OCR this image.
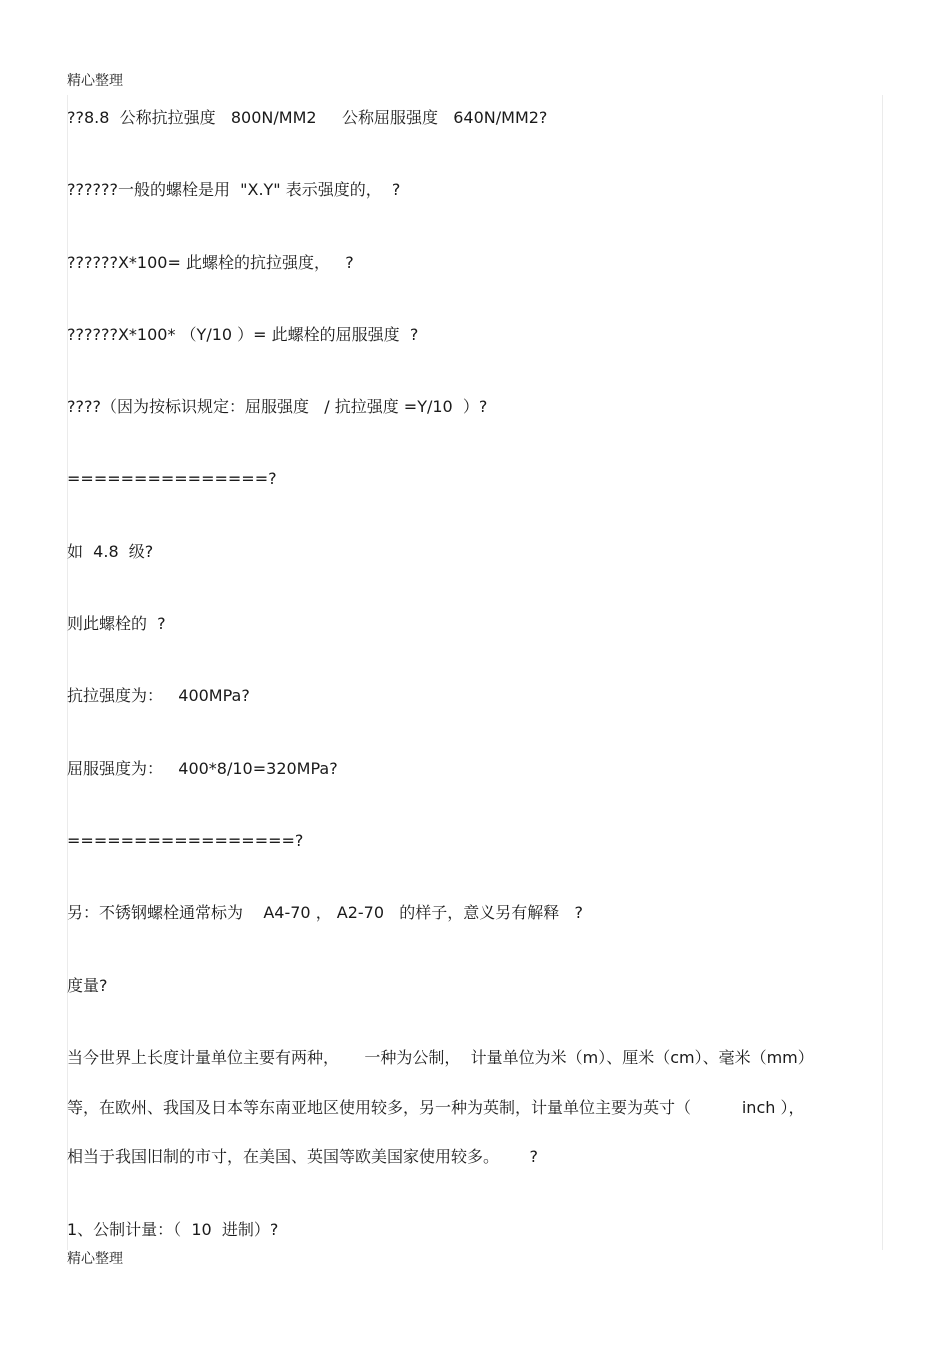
精心整理
??8.8  公称抗拉强度   800N/MM2     公称屈服强度   640N/MM2?
??????一般的螺栓是用  "X.Y" 表示强度的，  ?
??????X*100= 此螺栓的抗拉强度，   ?
??????X*100* （Y/10 ）= 此螺栓的屈服强度  ?
????（因为按标识规定：屈服强度   / 抗拉强度 =Y/10  ）?
===============?
如  4.8  级?
则此螺栓的  ?
抗拉强度为：   400MPa?
屈服强度为：   400*8/10=320MPa?
=================?
另：不锈钢螺栓通常标为    A4-70 ， A2-70   的样子，意义另有解释   ?
度量?
当今世界上长度计量单位主要有两种，     一种为公制，  计量单位为米（m）、厘米（cm）、毫米（mm）
等，在欧州、我国及日本等东南亚地区使用较多，另一种为英制，计量单位主要为英寸（          inch ），
相当于我国旧制的市寸，在美国、英国等欧美国家使用较多。      ?
1、公制计量：（  10  进制）?
精心整理
